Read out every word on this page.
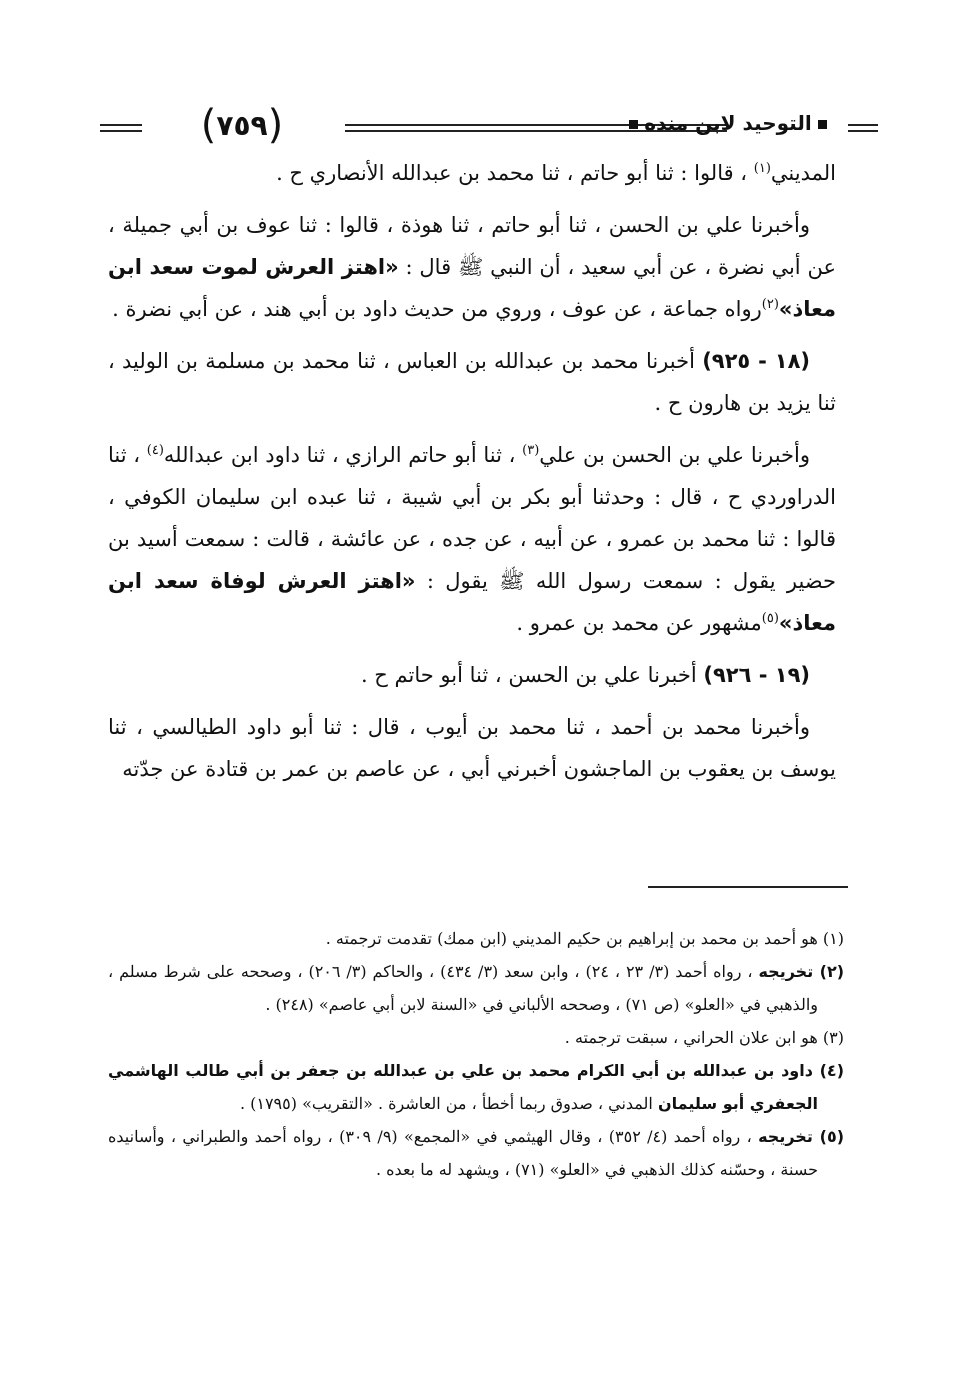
(٧٥٩)	التوحيد لابن منده

المديني$^{(١)}$ ، قالوا : ثنا أبو حاتم ، ثنا محمد بن عبدالله الأنصاري ح .

وأخبرنا علي بن الحسن ، ثنا أبو حاتم ، ثنا هوذة ، قالوا : ثنا عوف بن أبي جميلة ، عن أبي نضرة ، عن أبي سعيد ، أن النبي ﷺ قال : «اهتز العرش لموت سعد ابن معاذ»$^{(٢)}$رواه جماعة ، عن عوف ، وروي من حديث داود بن أبي هند ، عن أبي نضرة .

(١٨ - ٩٢٥) أخبرنا محمد بن عبدالله بن العباس ، ثنا محمد بن مسلمة بن الوليد ، ثنا يزيد بن هارون ح .

وأخبرنا علي بن الحسن بن علي$^{(٣)}$ ، ثنا أبو حاتم الرازي ، ثنا داود ابن عبدالله$^{(٤)}$ ، ثنا الدراوردي ح ، قال : وحدثنا أبو بكر بن أبي شيبة ، ثنا عبده ابن سليمان الكوفي ، قالوا : ثنا محمد بن عمرو ، عن أبيه ، عن جده ، عن عائشة ، قالت : سمعت أسيد بن حضير يقول : سمعت رسول الله ﷺ يقول : «اهتز العرش لوفاة سعد ابن معاذ»$^{(٥)}$مشهور عن محمد بن عمرو .

(١٩ - ٩٢٦) أخبرنا علي بن الحسن ، ثنا أبو حاتم ح .

وأخبرنا محمد بن أحمد ، ثنا محمد بن أيوب ، قال : ثنا أبو داود الطيالسي ، ثنا يوسف بن يعقوب بن الماجشون أخبرني أبي ، عن عاصم بن عمر بن قتادة عن جدّته

(١) هو أحمد بن محمد بن إبراهيم بن حكيم المديني (ابن ممك) تقدمت ترجمته .

(٢) تخريجه ، رواه أحمد (٣/ ٢٣ ، ٢٤) ، وابن سعد (٣/ ٤٣٤) ، والحاكم (٣/ ٢٠٦) ، وصححه على شرط مسلم ، والذهبي في «العلو» (ص ٧١) ، وصححه الألباني في «السنة لابن أبي عاصم» (٢٤٨) .

(٣) هو ابن علان الحراني ، سبقت ترجمته .

(٤) داود بن عبدالله بن أبي الكرام محمد بن علي بن عبدالله بن جعفر بن أبي طالب الهاشمي الجعفري أبو سليمان المدني ، صدوق ربما أخطأ ، من العاشرة . «التقريب» (١٧٩٥) .

(٥) تخريجه ، رواه أحمد (٤/ ٣٥٢) ، وقال الهيثمي في «المجمع» (٩/ ٣٠٩) ، رواه أحمد والطبراني ، وأسانيده حسنة ، وحسّنه كذلك الذهبي في «العلو» (٧١) ، ويشهد له ما بعده .
